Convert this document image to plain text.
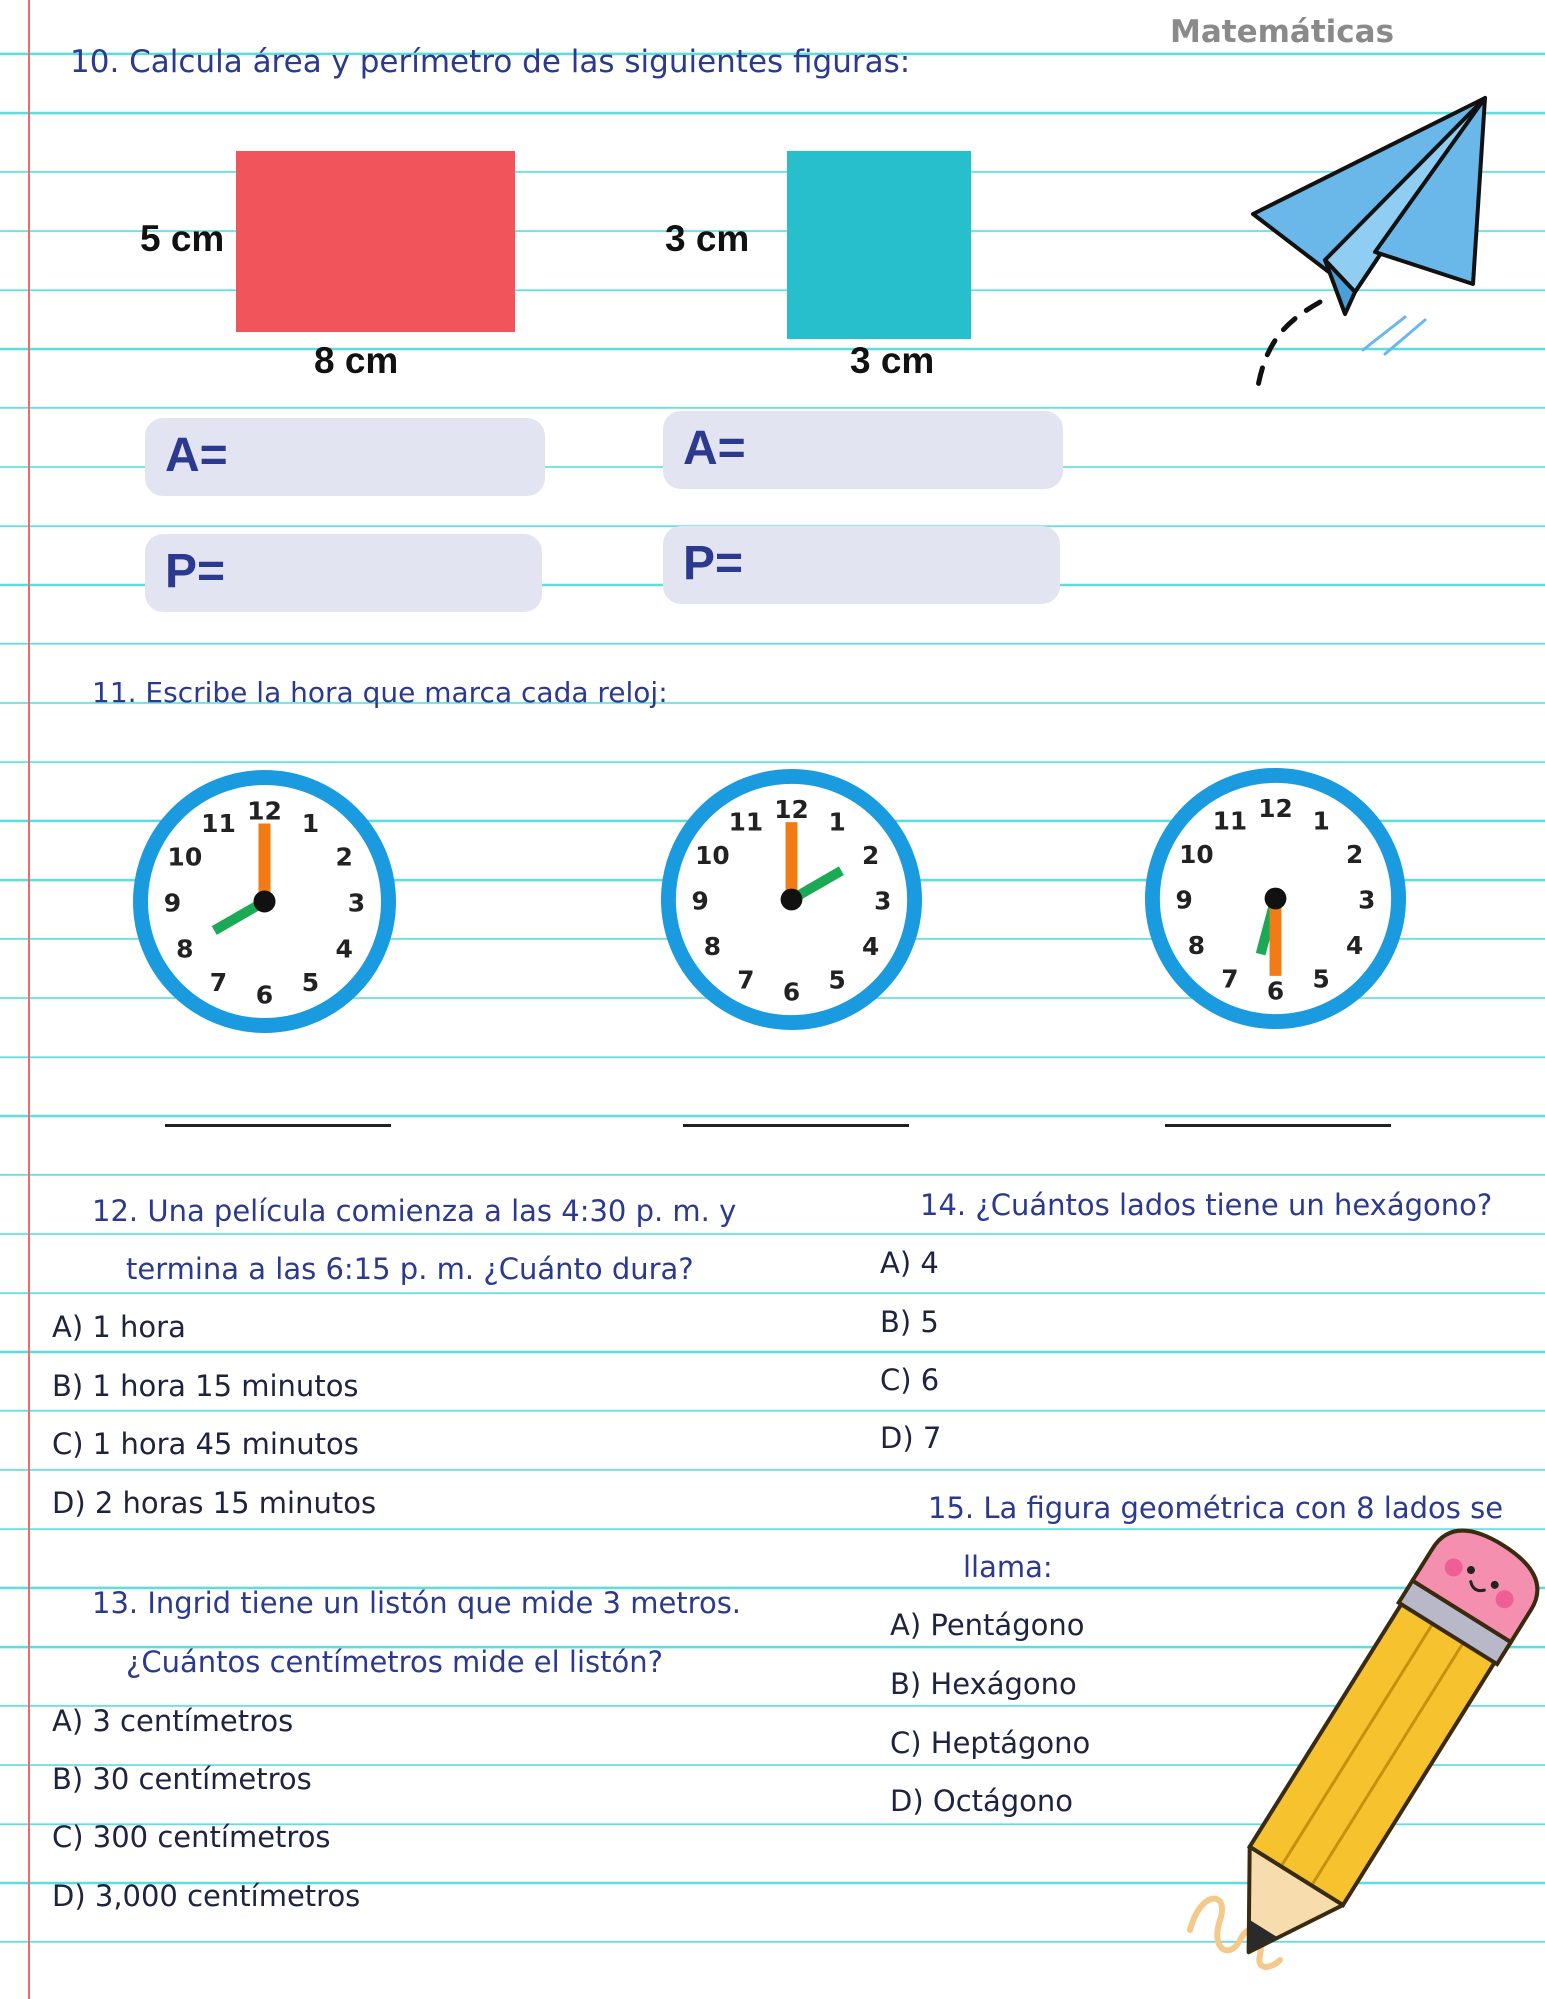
Matemáticas
10. Calcula área y perímetro de las siguientes figuras:
5 cm
8 cm
3 cm
3 cm
A=
P=
A=
P=
11. Escribe la hora que marca cada reloj:
12 1
2
3
4
5
6
7
8
9
10
11	12 1
2
3
4
5
6
7
8
9
10
11	12 1
2
3
4
5
6
7
8
9
10
11
12. Una película comienza a las 4:30 p. m. y
termina a las 6:15 p. m. ¿Cuánto dura?
A) 1 hora
B) 1 hora 15 minutos
C) 1 hora 45 minutos
D) 2 horas 15 minutos
13. Ingrid tiene un listón que mide 3 metros.
¿Cuántos centímetros mide el listón?
A) 3 centímetros
B) 30 centímetros
C) 300 centímetros
D) 3,000 centímetros
14. ¿Cuántos lados tiene un hexágono?
A) 4
B) 5
C) 6
D) 7
15. La figura geométrica con 8 lados se
llama:
A) Pentágono
B) Hexágono
C) Heptágono
D) Octágono
